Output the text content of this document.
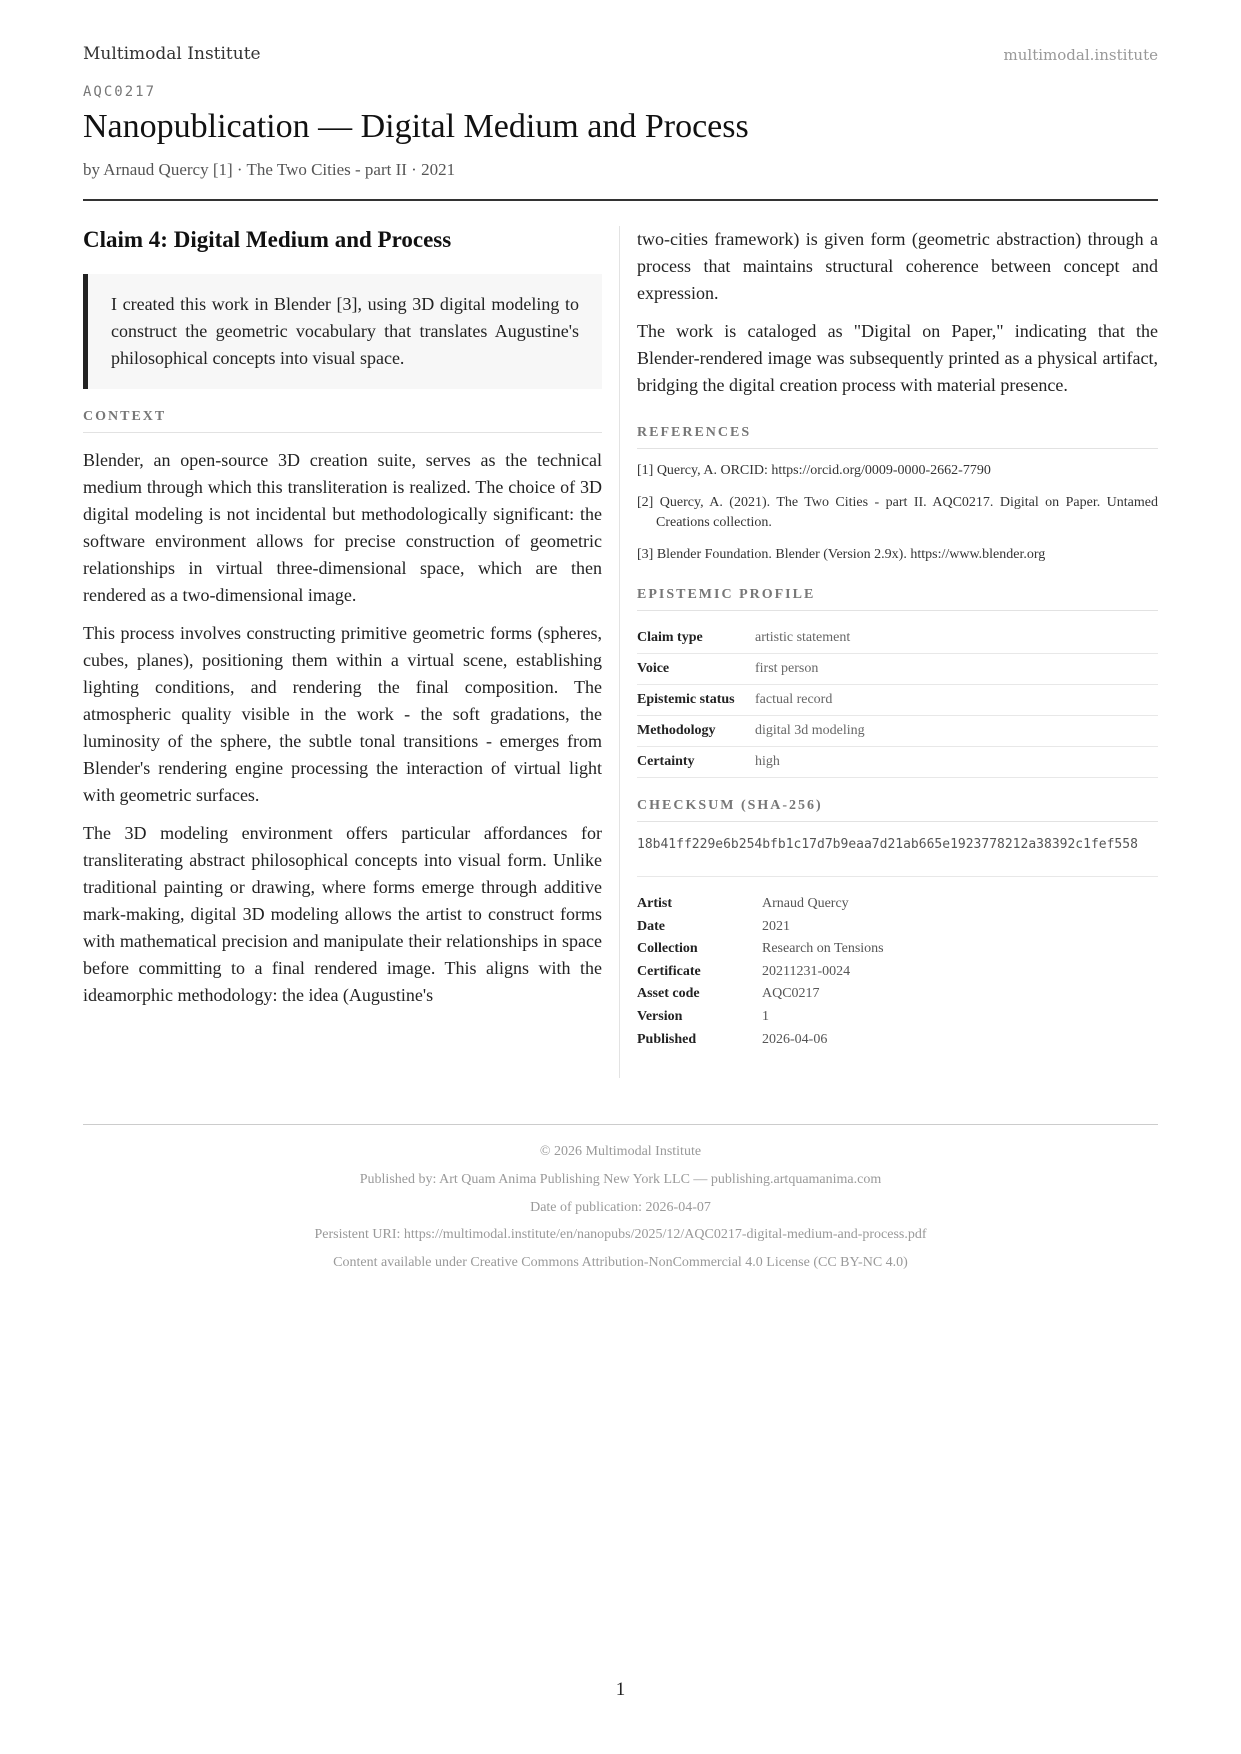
Multimodal Institute	multimodal.institute
AQC0217
Nanopublication — Digital Medium and Process
by Arnaud Quercy [1] · The Two Cities - part II · 2021
Claim 4: Digital Medium and Process
I created this work in Blender [3], using 3D digital modeling to construct the geometric vocabulary that translates Augustine's philosophical concepts into visual space.
CONTEXT

Blender, an open-source 3D creation suite, serves as the technical medium through which this transliteration is realized. The choice of 3D digital modeling is not incidental but methodologically significant: the software environment allows for precise construction of geometric relationships in virtual three-dimensional space, which are then rendered as a two-dimensional image.

This process involves constructing primitive geometric forms (spheres, cubes, planes), positioning them within a virtual scene, establishing lighting conditions, and rendering the final composition. The atmospheric quality visible in the work - the soft gradations, the luminosity of the sphere, the subtle tonal transitions - emerges from Blender's rendering engine processing the interaction of virtual light with geometric surfaces.

The 3D modeling environment offers particular affordances for transliterating abstract philosophical concepts into visual form. Unlike traditional painting or drawing, where forms emerge through additive mark-making, digital 3D modeling allows the artist to construct forms with mathematical precision and manipulate their relationships in space before committing to a final rendered image. This aligns with the ideamorphic methodology: the idea (Augustine's

two-cities framework) is given form (geometric abstraction) through a process that maintains structural coherence between concept and expression.

The work is cataloged as "Digital on Paper," indicating that the Blender-rendered image was subsequently printed as a physical artifact, bridging the digital creation process with material presence.

REFERENCES
[1] Quercy, A. ORCID: https://orcid.org/0009-0000-2662-7790
[2] Quercy, A. (2021). The Two Cities - part II. AQC0217. Digital on Paper. Untamed Creations collection.
[3] Blender Foundation. Blender (Version 2.9x). https://www.blender.org
EPISTEMIC PROFILE
Claim type	artistic statement
Voice	first person
Epistemic status	factual record
Methodology	digital 3d modeling
Certainty	high
CHECKSUM (SHA-256)
18b41ff229e6b254bfb1c17d7b9eaa7d21ab665e1923778212a38392c1fef558
Artist	Arnaud Quercy
Date	2021
Collection	Research on Tensions
Certificate	20211231-0024
Asset code	AQC0217
Version	1
Published	2026-04-06
© 2026 Multimodal Institute
Published by: Art Quam Anima Publishing New York LLC — publishing.artquamanima.com
Date of publication: 2026-04-07
Persistent URI: https://multimodal.institute/en/nanopubs/2025/12/AQC0217-digital-medium-and-process.pdf
Content available under Creative Commons Attribution-NonCommercial 4.0 License (CC BY-NC 4.0)
1
